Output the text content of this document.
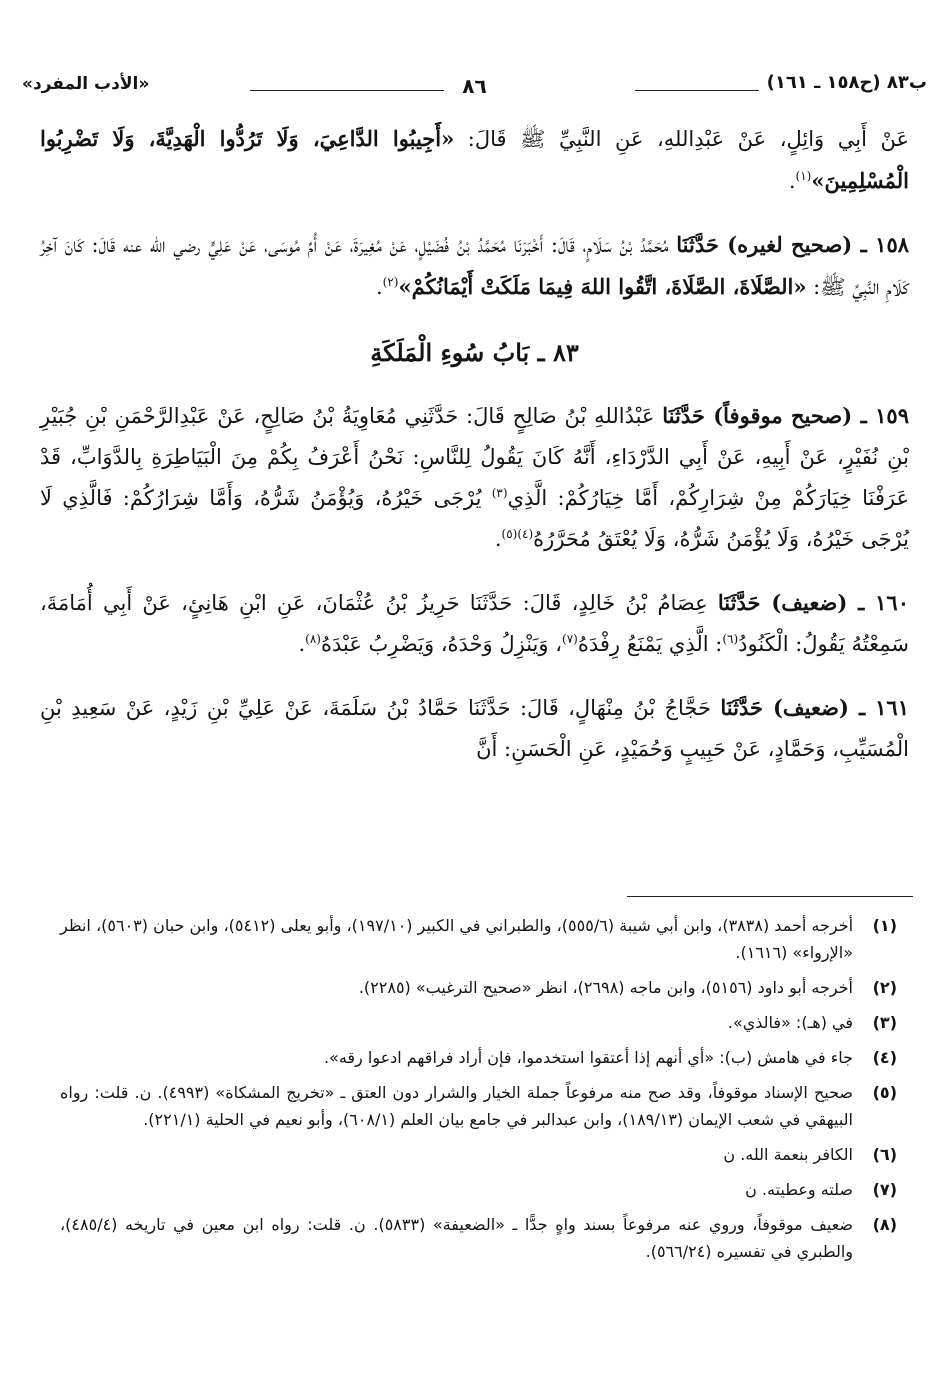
ب٨٣ (ح١٥٨ ـ ١٦١)
٨٦
«الأدب المفرد»

عَنْ أَبِي وَائِلٍ، عَنْ عَبْدِاللهِ، عَنِ النَّبِيِّ ﷺ قَالَ: «أَجِيبُوا الدَّاعِيَ، وَلَا تَرُدُّوا الْهَدِيَّةَ، وَلَا تَضْرِبُوا الْمُسْلِمِينَ»$^{(١)}$.

١٥٨ ـ (صحيح لغيره) حَدَّثَنَا مُحَمَّدُ بْنُ سَلَامٍ، قَالَ: أَخْبَرَنَا مُحَمَّدُ بْنُ فُضَيْلٍ، عَنْ مُغِيرَةَ، عَنْ أُمِّ مُوسَى، عَنْ عَلِيٍّ رضي الله عنه قَالَ: كَانَ آخِرُ كَلَامِ النَّبِيِّ ﷺ: «الصَّلَاةَ، الصَّلَاةَ، اتَّقُوا اللهَ فِيمَا مَلَكَتْ أَيْمَانُكُمْ»$^{(٢)}$.

٨٣ ـ بَابُ سُوءِ الْمَلَكَةِ

١٥٩ ـ (صحيح موقوفاً) حَدَّثَنَا عَبْدُاللهِ بْنُ صَالِحٍ قَالَ: حَدَّثَنِي مُعَاوِيَةُ بْنُ صَالِحٍ، عَنْ عَبْدِالرَّحْمَنِ بْنِ جُبَيْرِ بْنِ نُفَيْرٍ، عَنْ أَبِيهِ، عَنْ أَبِي الدَّرْدَاءِ، أَنَّهُ كَانَ يَقُولُ لِلنَّاسِ: نَحْنُ أَعْرَفُ بِكُمْ مِنَ الْبَيَاطِرَةِ بِالدَّوَابِّ، قَدْ عَرَفْنَا خِيَارَكُمْ مِنْ شِرَارِكُمْ، أَمَّا خِيَارُكُمْ: الَّذِي$^{(٣)}$ يُرْجَى خَيْرُهُ، وَيُؤْمَنُ شَرُّهُ، وَأَمَّا شِرَارُكُمْ: فَالَّذِي لَا يُرْجَى خَيْرُهُ، وَلَا يُؤْمَنُ شَرُّهُ، وَلَا يُعْتَقُ مُحَرَّرُهُ$^{(٤)(٥)}$.

١٦٠ ـ (ضعيف) حَدَّثَنَا عِصَامُ بْنُ خَالِدٍ، قَالَ: حَدَّثَنَا حَرِيزُ بْنُ عُثْمَانَ، عَنِ ابْنِ هَانِئٍ، عَنْ أَبِي أُمَامَةَ، سَمِعْتُهُ يَقُولُ: الْكَنُودُ$^{(٦)}$: الَّذِي يَمْنَعُ رِفْدَهُ$^{(٧)}$، وَيَنْزِلُ وَحْدَهُ، وَيَضْرِبُ عَبْدَهُ$^{(٨)}$.

١٦١ ـ (ضعيف) حَدَّثَنَا حَجَّاجُ بْنُ مِنْهَالٍ، قَالَ: حَدَّثَنَا حَمَّادُ بْنُ سَلَمَةَ، عَنْ عَلِيِّ بْنِ زَيْدٍ، عَنْ سَعِيدِ بْنِ الْمُسَيِّبِ، وَحَمَّادٍ، عَنْ حَبِيبٍ وَحُمَيْدٍ، عَنِ الْحَسَنِ: أَنَّ

(١)
أخرجه أحمد (٣٨٣٨)، وابن أبي شيبة (٥٥٥/٦)، والطبراني في الكبير (١٩٧/١٠)، وأبو يعلى (٥٤١٢)، وابن حبان (٥٦٠٣)، انظر «الإرواء» (١٦١٦).
(٢)
أخرجه أبو داود (٥١٥٦)، وابن ماجه (٢٦٩٨)، انظر «صحيح الترغيب» (٢٢٨٥).
(٣)
في (هـ): «فالذي».
(٤)
جاء في هامش (ب): «أي أنهم إذا أعتقوا استخدموا، فإن أراد فراقهم ادعوا رقه».
(٥)
صحيح الإسناد موقوفاً، وقد صح منه مرفوعاً جملة الخيار والشرار دون العتق ـ «تخريج المشكاة» (٤٩٩٣). ن. قلت: رواه البيهقي في شعب الإيمان (١٨٩/١٣)، وابن عبدالبر في جامع بيان العلم (٦٠٨/١)، وأبو نعيم في الحلية (٢٢١/١).
(٦)
الكافر بنعمة الله. ن
(٧)
صلته وعطيته. ن
(٨)
ضعيف موقوفاً، وروي عنه مرفوعاً بسند واهٍ جدًّا ـ «الضعيفة» (٥٨٣٣). ن. قلت: رواه ابن معين في تاريخه (٤٨٥/٤)، والطبري في تفسيره (٥٦٦/٢٤).
